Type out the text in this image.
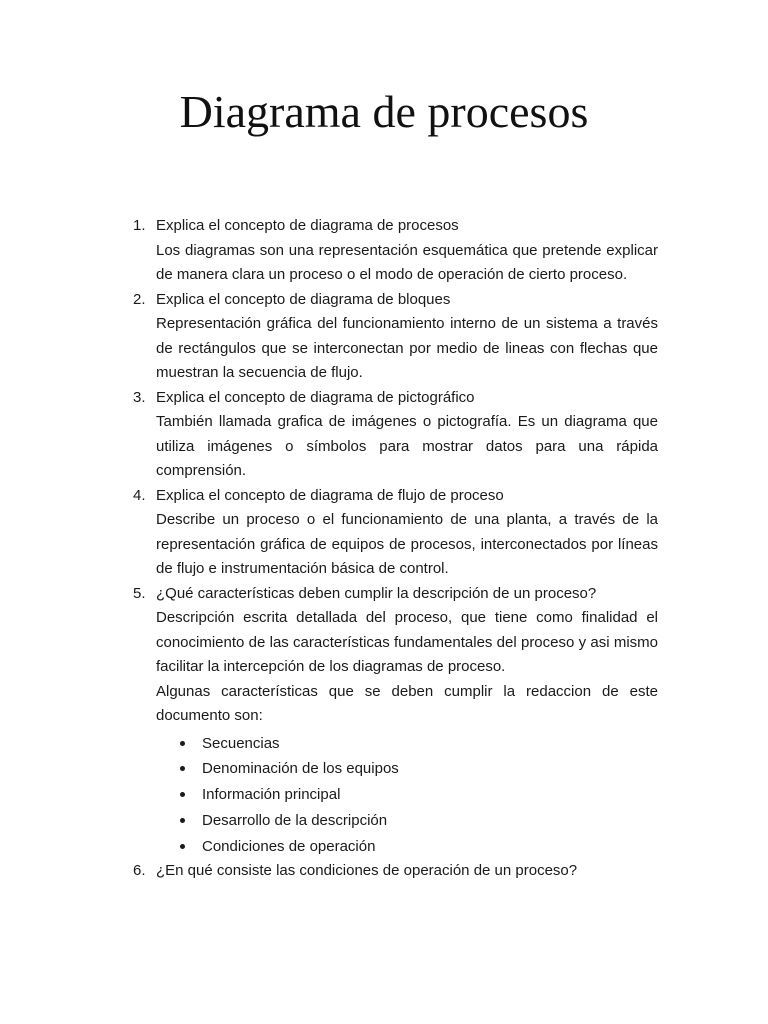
Diagrama de procesos
1. Explica el concepto de diagrama de procesos
Los diagramas son una representación esquemática que pretende explicar de manera clara un proceso o el modo de operación de cierto proceso.
2. Explica el concepto de diagrama de bloques
Representación gráfica del funcionamiento interno de un sistema a través de rectángulos que se interconectan por medio de lineas con flechas que muestran la secuencia de flujo.
3. Explica el concepto de diagrama de pictográfico
También llamada grafica de imágenes o pictografía. Es un diagrama que utiliza imágenes o símbolos para mostrar datos para una rápida comprensión.
4. Explica el concepto de diagrama de flujo de proceso
Describe un proceso o el funcionamiento de una planta, a través de la representación gráfica de equipos de procesos, interconectados por líneas de flujo e instrumentación básica de control.
5. ¿Qué características deben cumplir la descripción de un proceso?
Descripción escrita detallada del proceso, que tiene como finalidad el conocimiento de las características fundamentales del proceso y asi mismo facilitar la intercepción de los diagramas de proceso.
Algunas características que se deben cumplir la redaccion de este documento son:
Secuencias
Denominación de los equipos
Información principal
Desarrollo de la descripción
Condiciones de operación
6. ¿En qué consiste las condiciones de operación de un proceso?
